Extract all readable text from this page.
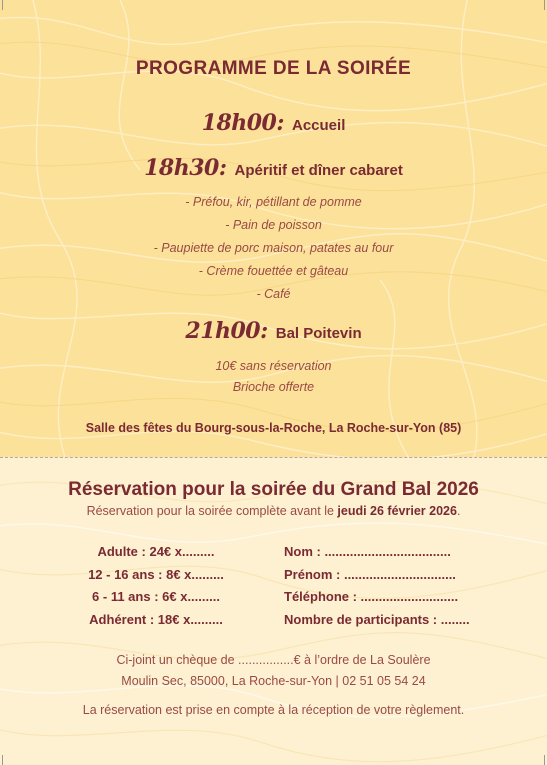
PROGRAMME DE LA SOIRÉE
18h00: Accueil
18h30: Apéritif et dîner cabaret
- Préfou, kir, pétillant de pomme
- Pain de poisson
- Paupiette de porc maison, patates au four
- Crème fouettée et gâteau
- Café
21h00: Bal Poitevin
10€ sans réservation
Brioche offerte
Salle des fêtes du Bourg-sous-la-Roche, La Roche-sur-Yon (85)
Réservation pour la soirée du Grand Bal 2026
Réservation pour la soirée complète avant le jeudi 26 février 2026.
Adulte : 24€ x.........
12 - 16 ans : 8€ x.........
6 - 11 ans : 6€ x.........
Adhérent : 18€ x.........
Nom : ...................................
Prénom : ...............................
Téléphone : ...........................
Nombre de participants : ........
Ci-joint un chèque de ................€ à l’ordre de La Soulère
Moulin Sec, 85000, La Roche-sur-Yon | 02 51 05 54 24
La réservation est prise en compte à la réception de votre règlement.
